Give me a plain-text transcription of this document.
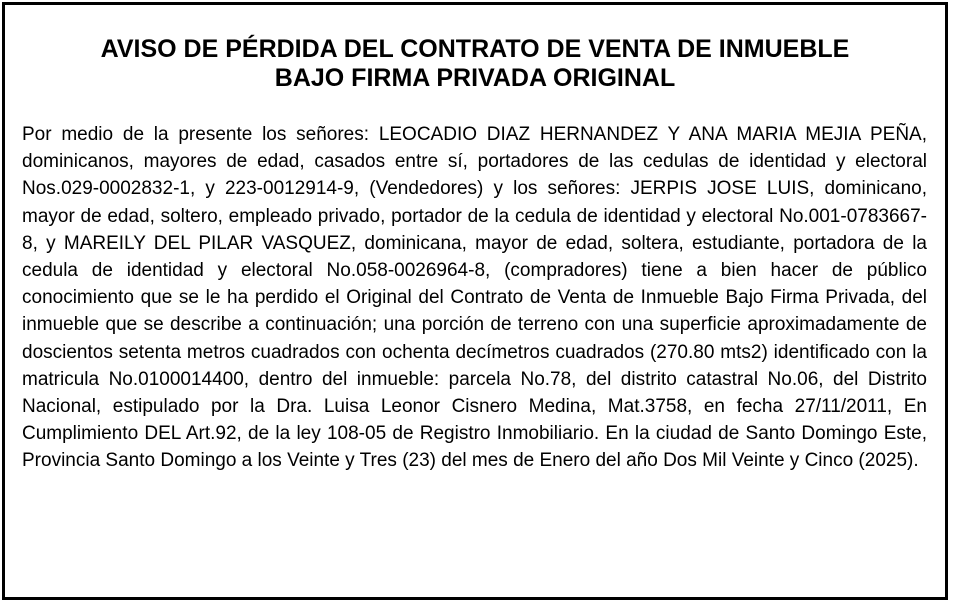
AVISO DE PÉRDIDA DEL CONTRATO DE VENTA DE INMUEBLE
BAJO FIRMA PRIVADA ORIGINAL

Por medio de la presente los señores: LEOCADIO DIAZ HERNANDEZ Y ANA MARIA MEJIA PEÑA, dominicanos, mayores de edad, casados entre sí, portadores de las cedulas de identidad y electoral Nos.029-0002832-1, y 223-0012914-9, (Vendedores) y los señores: JERPIS JOSE LUIS, dominicano, mayor de edad, soltero, empleado privado, portador de la cedula de identidad y electoral No.001-0783667-8, y MAREILY DEL PILAR VASQUEZ, dominicana, mayor de edad, soltera, estudiante, portadora de la cedula de identidad y electoral No.058-0026964-8, (compradores) tiene a bien hacer de público conocimiento que se le ha perdido el Original del Contrato de Venta de Inmueble Bajo Firma Privada, del inmueble que se describe a continuación; una porción de terreno con una superficie aproximadamente de doscientos setenta metros cuadrados con ochenta decímetros cuadrados (270.80 mts2) identificado con la matricula No.0100014400, dentro del inmueble: parcela No.78, del distrito catastral No.06, del Distrito Nacional, estipulado por la Dra. Luisa Leonor Cisnero Medina, Mat.3758, en fecha 27/11/2011, En Cumplimiento DEL Art.92, de la ley 108-05 de Registro Inmobiliario. En la ciudad de Santo Domingo Este, Provincia Santo Domingo a los Veinte y Tres (23) del mes de Enero del año Dos Mil Veinte y Cinco (2025).
